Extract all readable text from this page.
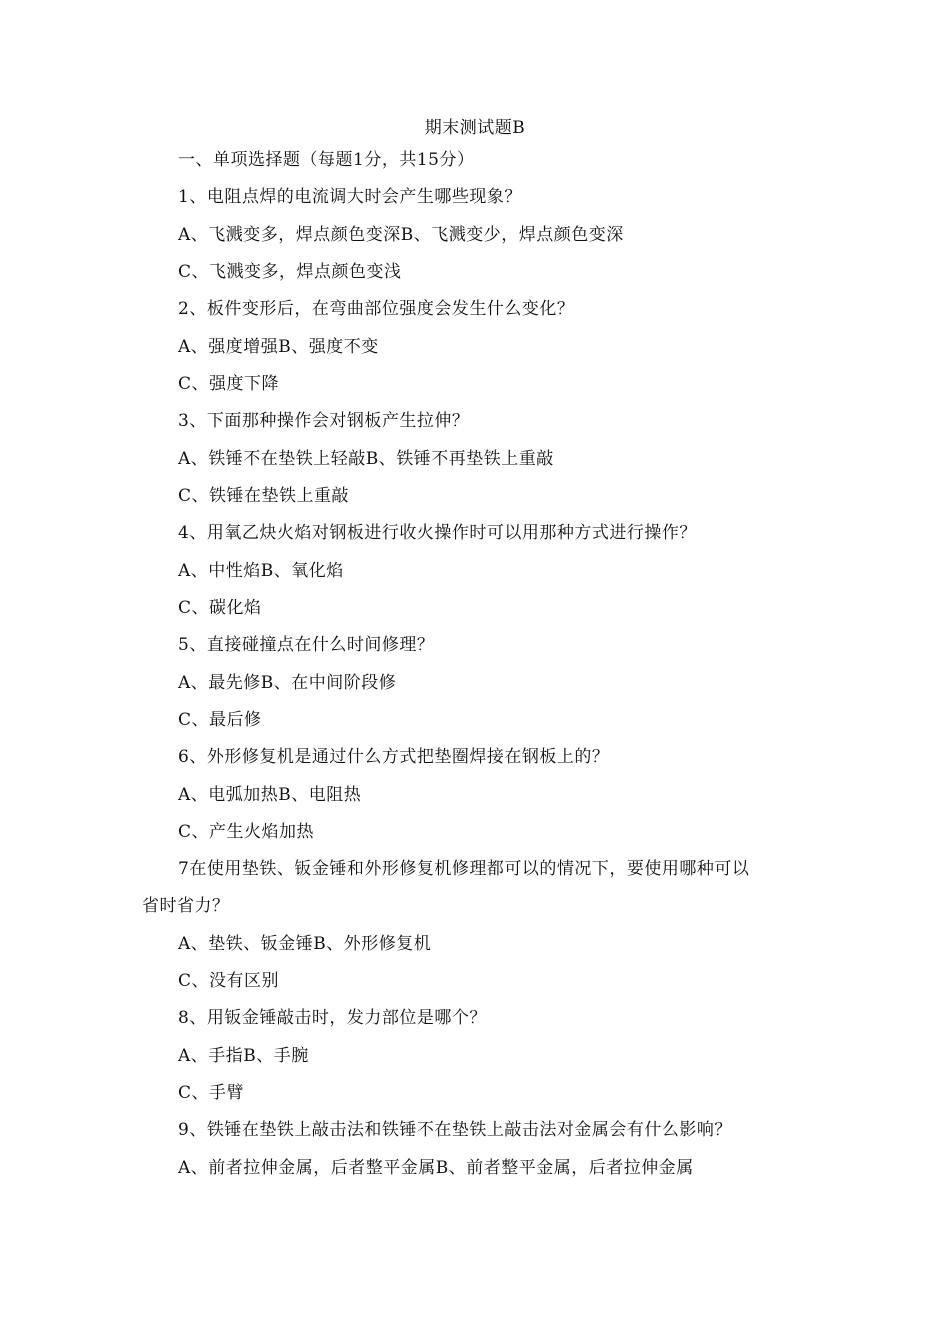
期末测试题B
一、单项选择题（每题1分，共15分）
1、电阻点焊的电流调大时会产生哪些现象？
A、飞溅变多，焊点颜色变深B、飞溅变少，焊点颜色变深
C、飞溅变多，焊点颜色变浅
2、板件变形后，在弯曲部位强度会发生什么变化？
A、强度增强B、强度不变
C、强度下降
3、下面那种操作会对钢板产生拉伸？
A、铁锤不在垫铁上轻敲B、铁锤不再垫铁上重敲
C、铁锤在垫铁上重敲
4、用氧乙炔火焰对钢板进行收火操作时可以用那种方式进行操作？
A、中性焰B、氧化焰
C、碳化焰
5、直接碰撞点在什么时间修理？
A、最先修B、在中间阶段修
C、最后修
6、外形修复机是通过什么方式把垫圈焊接在钢板上的？
A、电弧加热B、电阻热
C、产生火焰加热
7在使用垫铁、钣金锤和外形修复机修理都可以的情况下，要使用哪种可以
省时省力？
A、垫铁、钣金锤B、外形修复机
C、没有区别
8、用钣金锤敲击时，发力部位是哪个？
A、手指B、手腕
C、手臂
9、铁锤在垫铁上敲击法和铁锤不在垫铁上敲击法对金属会有什么影响？
A、前者拉伸金属，后者整平金属B、前者整平金属，后者拉伸金属
